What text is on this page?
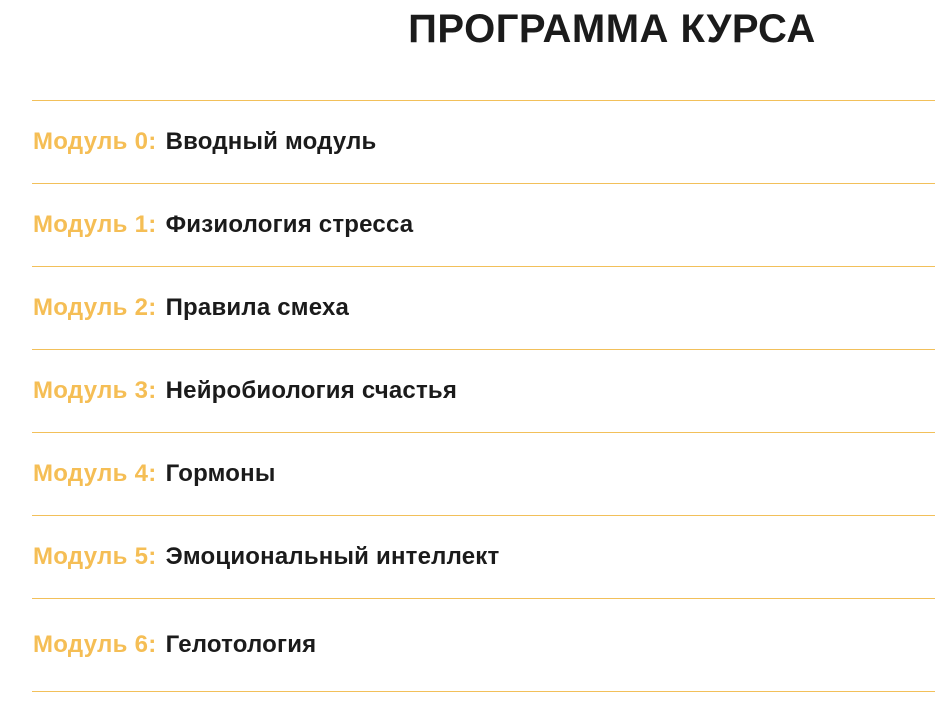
ПРОГРАММА КУРСА
Модуль 0: Вводный модуль
Модуль 1: Физиология стресса
Модуль 2: Правила смеха
Модуль 3: Нейробиология счастья
Модуль 4: Гормоны
Модуль 5: Эмоциональный интеллект
Модуль 6: Гелотология
